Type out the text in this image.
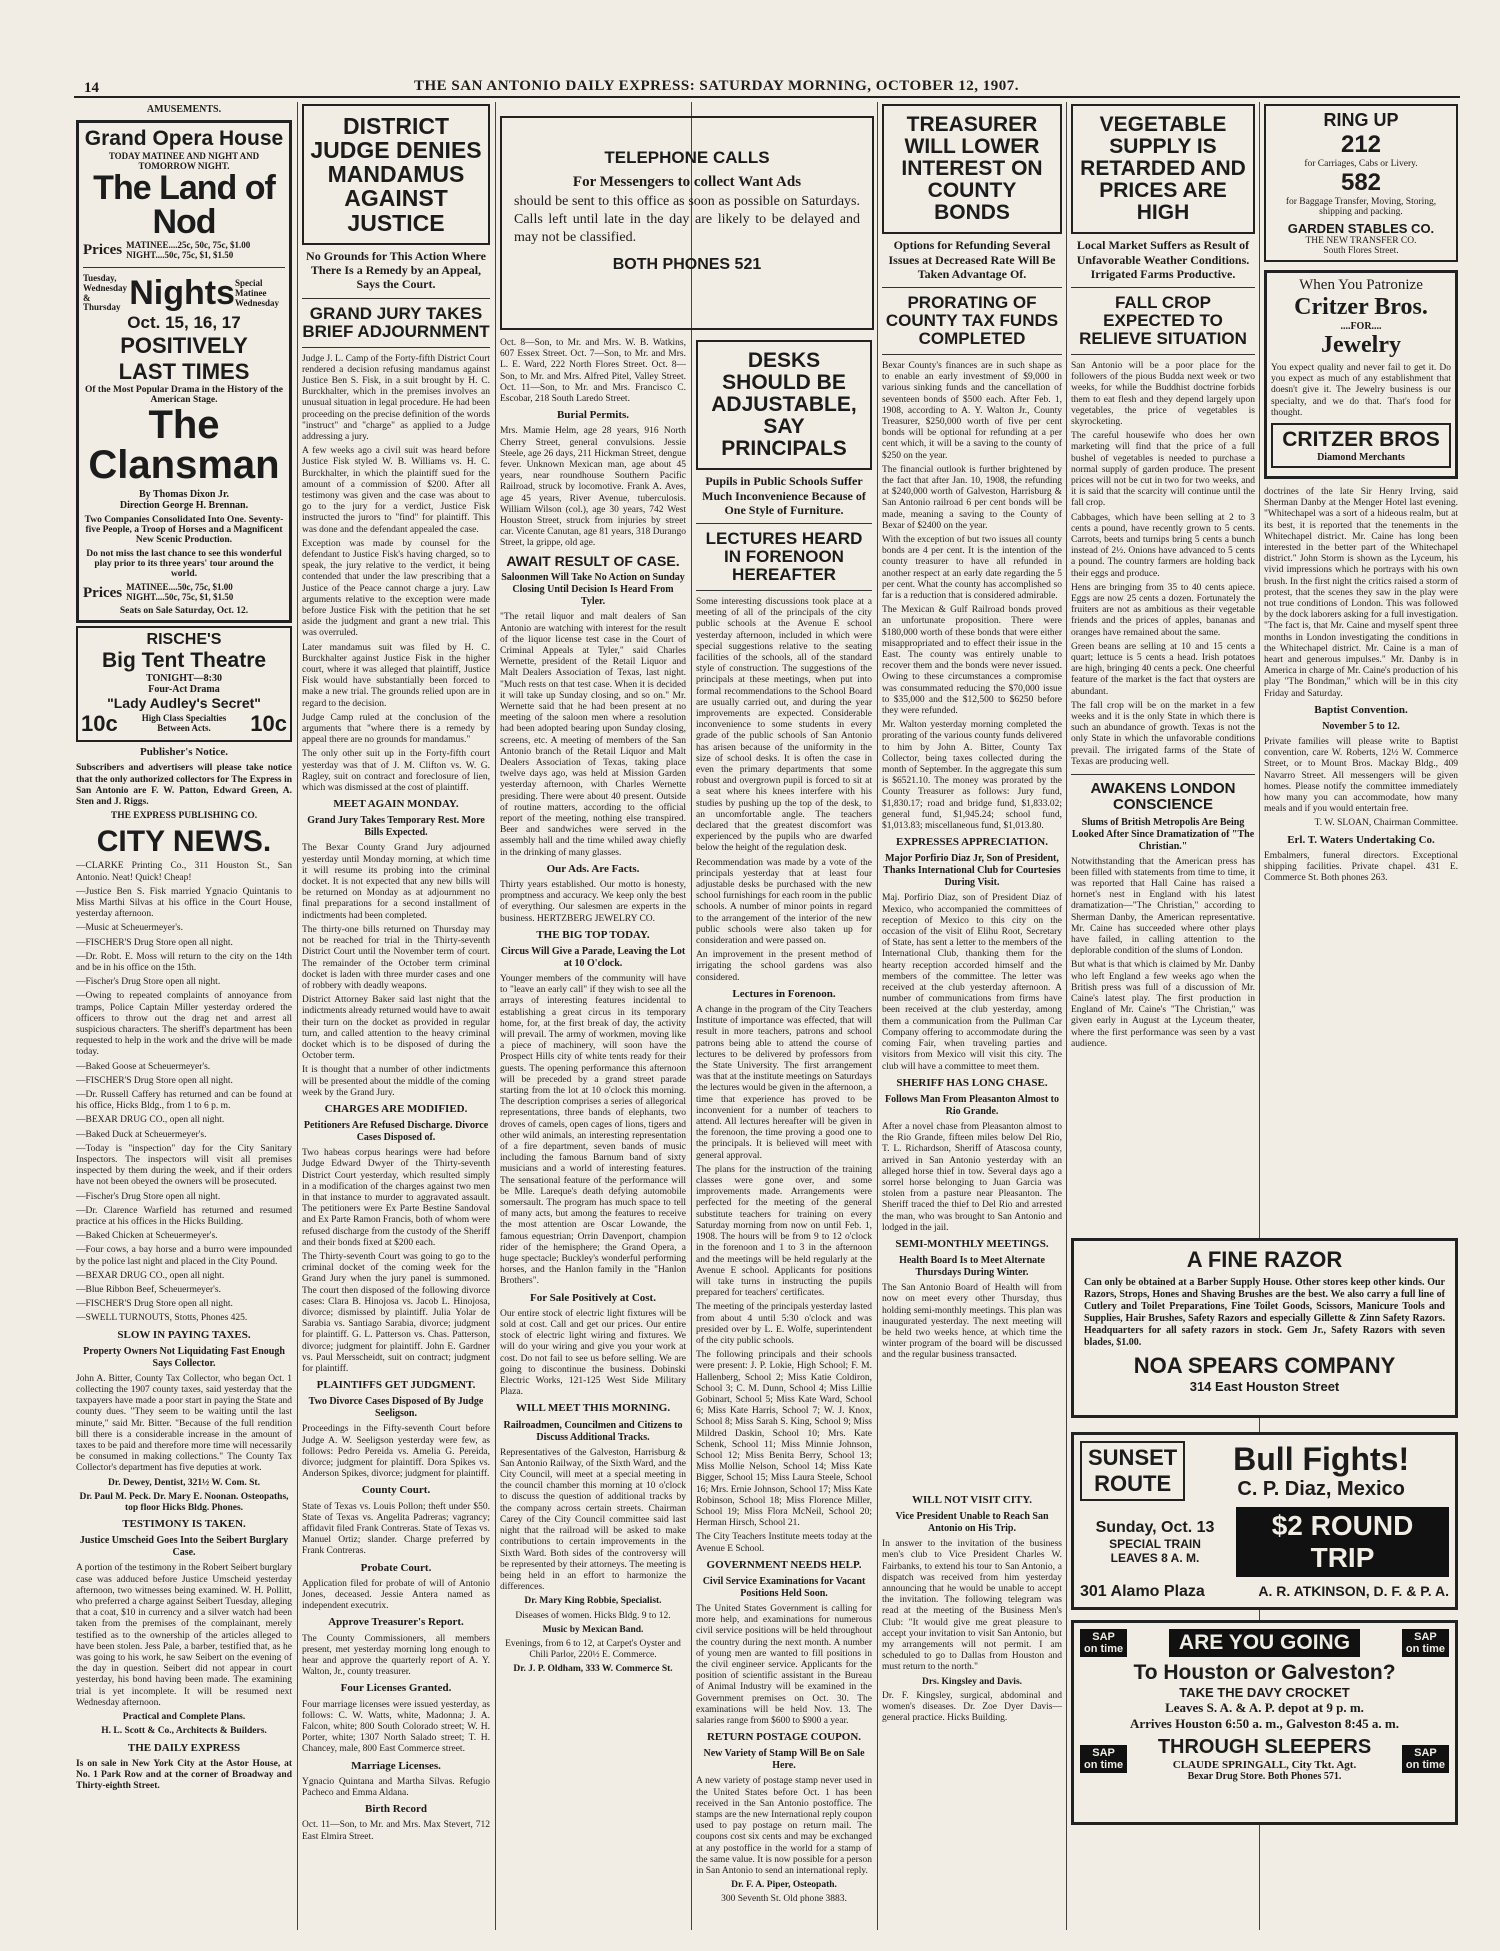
14	THE SAN ANTONIO DAILY EXPRESS: SATURDAY MORNING, OCTOBER 12, 1907.
AMUSEMENTS.
Grand Opera House
TODAY MATINEE AND NIGHT AND TOMORROW NIGHT.
The Land of Nod
Prices MATINEE....25c, 50c, 75c, $1.00
NIGHT....50c, 75c, $1, $1.50
Tuesday, Wednesday & Thursday Nights Special Matinee Wednesday
Oct. 15, 16, 17
POSITIVELY
LAST TIMES
Of the Most Popular Drama in the History of the American Stage.
The
Clansman
By Thomas Dixon Jr.
Direction George H. Brennan.
Two Companies Consolidated Into One. Seventy-five People, a Troop of Horses and a Magnificent New Scenic Production.
Do not miss the last chance to see this wonderful play prior to its three years' tour around the world.
Prices MATINEE....50c, 75c, $1.00
NIGHT....50c, 75c, $1, $1.50
Seats on Sale Saturday, Oct. 12.
RISCHE'S
Big Tent Theatre
TONIGHT—8:30
Four-Act Drama
"Lady Audley's Secret"
10c	High Class Specialties Between Acts.	10c
Publisher's Notice.

Subscribers and advertisers will please take notice that the only authorized collectors for The Express in San Antonio are F. W. Patton, Edward Green, A. Sten and J. Riggs.

THE EXPRESS PUBLISHING CO.

CITY NEWS.

—CLARKE Printing Co., 311 Houston St., San Antonio. Neat! Quick! Cheap!

—Justice Ben S. Fisk married Ygnacio Quintanis to Miss Marthi Silvas at his office in the Court House, yesterday afternoon.

—Music at Scheuermeyer's.

—FISCHER'S Drug Store open all night.

—Dr. Robt. E. Moss will return to the city on the 14th and be in his office on the 15th.

—Fischer's Drug Store open all night.

—Owing to repeated complaints of annoyance from tramps, Police Captain Miller yesterday ordered the officers to throw out the drag net and arrest all suspicious characters. The sheriff's department has been requested to help in the work and the drive will be made today.

—Baked Goose at Scheuermeyer's.

—FISCHER'S Drug Store open all night.

—Dr. Russell Caffery has returned and can be found at his office, Hicks Bldg., from 1 to 6 p. m.

—BEXAR DRUG CO., open all night.

—Baked Duck at Scheuermeyer's.

—Today is "inspection" day for the City Sanitary Inspectors. The inspectors will visit all premises inspected by them during the week, and if their orders have not been obeyed the owners will be prosecuted.

—Fischer's Drug Store open all night.

—Dr. Clarence Warfield has returned and resumed practice at his offices in the Hicks Building.

—Baked Chicken at Scheuermeyer's.

—Four cows, a bay horse and a burro were impounded by the police last night and placed in the City Pound.

—BEXAR DRUG CO., open all night.

—Blue Ribbon Beef, Scheuermeyer's.

—FISCHER'S Drug Store open all night.

—SWELL TURNOUTS, Stotts, Phones 425.

SLOW IN PAYING TAXES.
Property Owners Not Liquidating Fast Enough Says Collector.

John A. Bitter, County Tax Collector, who began Oct. 1 collecting the 1907 county taxes, said yesterday that the taxpayers have made a poor start in paying the State and county dues. "They seem to be waiting until the last minute," said Mr. Bitter. "Because of the full rendition bill there is a considerable increase in the amount of taxes to be paid and therefore more time will necessarily be consumed in making collections." The County Tax Collector's department has five deputies at work.

Dr. Dewey, Dentist, 321½ W. Com. St.

Dr. Paul M. Peck. Dr. Mary E. Noonan. Osteopaths, top floor Hicks Bldg. Phones.

TESTIMONY IS TAKEN.
Justice Umscheid Goes Into the Seibert Burglary Case.

A portion of the testimony in the Robert Seibert burglary case was adduced before Justice Umscheid yesterday afternoon, two witnesses being examined. W. H. Pollitt, who preferred a charge against Seibert Tuesday, alleging that a coat, $10 in currency and a silver watch had been taken from the premises of the complainant, merely testified as to the ownership of the articles alleged to have been stolen. Jess Pale, a barber, testified that, as he was going to his work, he saw Seibert on the evening of the day in question. Seibert did not appear in court yesterday, his bond having been made. The examining trial is yet incomplete. It will be resumed next Wednesday afternoon.

Practical and Complete Plans.

H. L. Scott & Co., Architects & Builders.

THE DAILY EXPRESS

Is on sale in New York City at the Astor House, at No. 1 Park Row and at the corner of Broadway and Thirty-eighth Street.

DISTRICT JUDGE DENIES MANDAMUS AGAINST JUSTICE
No Grounds for This Action Where There Is a Remedy by an Appeal, Says the Court.
GRAND JURY TAKES BRIEF ADJOURNMENT

Judge J. L. Camp of the Forty-fifth District Court rendered a decision refusing mandamus against Justice Ben S. Fisk, in a suit brought by H. C. Burckhalter, which in the premises involves an unusual situation in legal procedure. He had been proceeding on the precise definition of the words "instruct" and "charge" as applied to a Judge addressing a jury.

A few weeks ago a civil suit was heard before Justice Fisk styled W. B. Williams vs. H. C. Burckhalter, in which the plaintiff sued for the amount of a commission of $200. After all testimony was given and the case was about to go to the jury for a verdict, Justice Fisk instructed the jurors to "find" for plaintiff. This was done and the defendant appealed the case.

Exception was made by counsel for the defendant to Justice Fisk's having charged, so to speak, the jury relative to the verdict, it being contended that under the law prescribing that a Justice of the Peace cannot charge a jury. Law arguments relative to the exception were made before Justice Fisk with the petition that he set aside the judgment and grant a new trial. This was overruled.

Later mandamus suit was filed by H. C. Burckhalter against Justice Fisk in the higher court, where it was alleged that plaintiff, Justice Fisk would have substantially been forced to make a new trial. The grounds relied upon are in regard to the decision.

Judge Camp ruled at the conclusion of the arguments that "where there is a remedy by appeal there are no grounds for mandamus."

The only other suit up in the Forty-fifth court yesterday was that of J. M. Clifton vs. W. G. Ragley, suit on contract and foreclosure of lien, which was dismissed at the cost of plaintiff.

MEET AGAIN MONDAY.
Grand Jury Takes Temporary Rest. More Bills Expected.

The Bexar County Grand Jury adjourned yesterday until Monday morning, at which time it will resume its probing into the criminal docket. It is not expected that any new bills will be returned on Monday as at adjournment no final preparations for a second installment of indictments had been completed.

The thirty-one bills returned on Thursday may not be reached for trial in the Thirty-seventh District Court until the November term of court. The remainder of the October term criminal docket is laden with three murder cases and one of robbery with deadly weapons.

District Attorney Baker said last night that the indictments already returned would have to await their turn on the docket as provided in regular turn, and called attention to the heavy criminal docket which is to be disposed of during the October term.

It is thought that a number of other indictments will be presented about the middle of the coming week by the Grand Jury.

CHARGES ARE MODIFIED.
Petitioners Are Refused Discharge. Divorce Cases Disposed of.

Two habeas corpus hearings were had before Judge Edward Dwyer of the Thirty-seventh District Court yesterday, which resulted simply in a modification of the charges against two men in that instance to murder to aggravated assault. The petitioners were Ex Parte Bestine Sandoval and Ex Parte Ramon Francis, both of whom were refused discharge from the custody of the Sheriff and their bonds fixed at $200 each.

The Thirty-seventh Court was going to go to the criminal docket of the coming week for the Grand Jury when the jury panel is summoned. The court then disposed of the following divorce cases: Clara B. Hinojosa vs. Jacob L. Hinojosa, divorce; dismissed by plaintiff. Julia Yolar de Sarabia vs. Santiago Sarabia, divorce; judgment for plaintiff. G. L. Patterson vs. Chas. Patterson, divorce; judgment for plaintiff. John E. Gardner vs. Paul Mersscheidt, suit on contract; judgment for plaintiff.

PLAINTIFFS GET JUDGMENT.
Two Divorce Cases Disposed of By Judge Seeligson.

Proceedings in the Fifty-seventh Court before Judge A. W. Seeligson yesterday were few, as follows: Pedro Pereida vs. Amelia G. Pereida, divorce; judgment for plaintiff. Dora Spikes vs. Anderson Spikes, divorce; judgment for plaintiff.

County Court.

State of Texas vs. Louis Pollon; theft under $50. State of Texas vs. Angelita Padreras; vagrancy; affidavit filed Frank Contreras. State of Texas vs. Manuel Ortiz; slander. Charge preferred by Frank Contreras.

Probate Court.

Application filed for probate of will of Antonio Jones, deceased. Jessie Antera named as independent executrix.

Approve Treasurer's Report.

The County Commissioners, all members present, met yesterday morning long enough to hear and approve the quarterly report of A. Y. Walton, Jr., county treasurer.

Four Licenses Granted.

Four marriage licenses were issued yesterday, as follows: C. W. Watts, white, Madonna; J. A. Falcon, white; 800 South Colorado street; W. H. Porter, white; 1307 North Salado street; T. H. Chancey, male, 800 East Commerce street.

Marriage Licenses.

Ygnacio Quintana and Martha Silvas. Refugio Pacheco and Emma Aldana.

Birth Record

Oct. 11—Son, to Mr. and Mrs. Max Stevert, 712 East Elmira Street.

TELEPHONE CALLS
For Messengers to collect Want Ads
should be sent to this office as soon as possible on Saturdays. Calls left until late in the day are likely to be delayed and may not be classified.
BOTH PHONES 521

Oct. 8—Son, to Mr. and Mrs. W. B. Watkins, 607 Essex Street. Oct. 7—Son, to Mr. and Mrs. L. E. Ward, 222 North Flores Street. Oct. 8—Son, to Mr. and Mrs. Alfred Pitel, Valley Street. Oct. 11—Son, to Mr. and Mrs. Francisco C. Escobar, 218 South Laredo Street.

Burial Permits.

Mrs. Mamie Helm, age 28 years, 916 North Cherry Street, general convulsions. Jessie Steele, age 26 days, 211 Hickman Street, dengue fever. Unknown Mexican man, age about 45 years, near roundhouse Southern Pacific Railroad, struck by locomotive. Frank A. Aves, age 45 years, River Avenue, tuberculosis. William Wilson (col.), age 30 years, 742 West Houston Street, struck from injuries by street car. Vicente Canutan, age 81 years, 318 Durango Street, la grippe, old age.

AWAIT RESULT OF CASE.
Saloonmen Will Take No Action on Sunday Closing Until Decision Is Heard From Tyler.

"The retail liquor and malt dealers of San Antonio are watching with interest for the result of the liquor license test case in the Court of Criminal Appeals at Tyler," said Charles Wernette, president of the Retail Liquor and Malt Dealers Association of Texas, last night. "Much rests on that test case. When it is decided it will take up Sunday closing, and so on." Mr. Wernette said that he had been present at no meeting of the saloon men where a resolution had been adopted bearing upon Sunday closing, screens, etc. A meeting of members of the San Antonio branch of the Retail Liquor and Malt Dealers Association of Texas, taking place twelve days ago, was held at Mission Garden yesterday afternoon, with Charles Wernette presiding. There were about 40 present. Outside of routine matters, according to the official report of the meeting, nothing else transpired. Beer and sandwiches were served in the assembly hall and the time whiled away chiefly in the drinking of many glasses.

Our Ads. Are Facts.

Thirty years established. Our motto is honesty, promptness and accuracy. We keep only the best of everything. Our salesmen are experts in the business. HERTZBERG JEWELRY CO.

THE BIG TOP TODAY.
Circus Will Give a Parade, Leaving the Lot at 10 O'clock.

Younger members of the community will have to "leave an early call" if they wish to see all the arrays of interesting features incidental to establishing a great circus in its temporary home, for, at the first break of day, the activity will prevail. The army of workmen, moving like a piece of machinery, will soon have the Prospect Hills city of white tents ready for their guests. The opening performance this afternoon will be preceded by a grand street parade starting from the lot at 10 o'clock this morning. The description comprises a series of allegorical representations, three bands of elephants, two droves of camels, open cages of lions, tigers and other wild animals, an interesting representation of a fire department, seven bands of music including the famous Barnum band of sixty musicians and a world of interesting features. The sensational feature of the performance will be Mlle. Lareque's death defying automobile somersault. The program has much space to tell of many acts, but among the features to receive the most attention are Oscar Lowande, the famous equestrian; Orrin Davenport, champion rider of the hemisphere; the Grand Opera, a huge spectacle; Buckley's wonderful performing horses, and the Hanlon family in the "Hanlon Brothers".

For Sale Positively at Cost.

Our entire stock of electric light fixtures will be sold at cost. Call and get our prices. Our entire stock of electric light wiring and fixtures. We will do your wiring and give you your work at cost. Do not fail to see us before selling. We are going to discontinue the business. Dobinski Electric Works, 121-125 West Side Military Plaza.

WILL MEET THIS MORNING.
Railroadmen, Councilmen and Citizens to Discuss Additional Tracks.

Representatives of the Galveston, Harrisburg & San Antonio Railway, of the Sixth Ward, and the City Council, will meet at a special meeting in the council chamber this morning at 10 o'clock to discuss the question of additional tracks by the company across certain streets. Chairman Carey of the City Council committee said last night that the railroad will be asked to make contributions to certain improvements in the Sixth Ward. Both sides of the controversy will be represented by their attorneys. The meeting is being held in an effort to harmonize the differences.

Dr. Mary King Robbie, Specialist.

Diseases of women. Hicks Bldg. 9 to 12.

Music by Mexican Band.

Evenings, from 6 to 12, at Carpet's Oyster and Chili Parlor, 220½ E. Commerce.

Dr. J. P. Oldham, 333 W. Commerce St.

DESKS SHOULD BE ADJUSTABLE, SAY PRINCIPALS
Pupils in Public Schools Suffer Much Inconvenience Because of One Style of Furniture.
LECTURES HEARD IN FORENOON HEREAFTER

Some interesting discussions took place at a meeting of all of the principals of the city public schools at the Avenue E school yesterday afternoon, included in which were special suggestions relative to the seating facilities of the schools, all of the standard style of construction. The suggestions of the principals at these meetings, when put into formal recommendations to the School Board are usually carried out, and during the year improvements are expected. Considerable inconvenience to some students in every grade of the public schools of San Antonio has arisen because of the uniformity in the size of school desks. It is often the case in even the primary departments that some robust and overgrown pupil is forced to sit at a seat where his knees interfere with his studies by pushing up the top of the desk, to an uncomfortable angle. The teachers declared that the greatest discomfort was experienced by the pupils who are dwarfed below the height of the regulation desk.

Recommendation was made by a vote of the principals yesterday that at least four adjustable desks be purchased with the new school furnishings for each room in the public schools. A number of minor points in regard to the arrangement of the interior of the new public schools were also taken up for consideration and were passed on.

An improvement in the present method of irrigating the school gardens was also considered.

Lectures in Forenoon.

A change in the program of the City Teachers Institute of importance was effected, that will result in more teachers, patrons and school patrons being able to attend the course of lectures to be delivered by professors from the State University. The first arrangement was that at the institute meetings on Saturdays the lectures would be given in the afternoon, a time that experience has proved to be inconvenient for a number of teachers to attend. All lectures hereafter will be given in the forenoon, the time proving a good one to the principals. It is believed will meet with general approval.

The plans for the instruction of the training classes were gone over, and some improvements made. Arrangements were perfected for the meeting of the general substitute teachers for training on every Saturday morning from now on until Feb. 1, 1908. The hours will be from 9 to 12 o'clock in the forenoon and 1 to 3 in the afternoon and the meetings will be held regularly at the Avenue E school. Applicants for positions will take turns in instructing the pupils prepared for teachers' certificates.

The meeting of the principals yesterday lasted from about 4 until 5:30 o'clock and was presided over by L. E. Wolfe, superintendent of the city public schools.

The following principals and their schools were present: J. P. Lokie, High School; F. M. Hallenberg, School 2; Miss Katie Coldiron, School 3; C. M. Dunn, School 4; Miss Lillie Gobinart, School 5; Miss Kate Ward, School 6; Miss Kate Harris, School 7; W. J. Knox, School 8; Miss Sarah S. King, School 9; Miss Mildred Daskin, School 10; Mrs. Kate Schenk, School 11; Miss Minnie Johnson, School 12; Miss Benita Berry, School 13; Miss Mollie Nelson, School 14; Miss Kate Bigger, School 15; Miss Laura Steele, School 16; Mrs. Ernie Johnson, School 17; Miss Kate Robinson, School 18; Miss Florence Miller, School 19; Miss Flora McNeil, School 20; Herman Hirsch, School 21.

The City Teachers Institute meets today at the Avenue E School.

GOVERNMENT NEEDS HELP.
Civil Service Examinations for Vacant Positions Held Soon.

The United States Government is calling for more help, and examinations for numerous civil service positions will be held throughout the country during the next month. A number of young men are wanted to fill positions in the civil engineer service. Applicants for the position of scientific assistant in the Bureau of Animal Industry will be examined in the Government premises on Oct. 30. The examinations will be held Nov. 13. The salaries range from $600 to $900 a year.

RETURN POSTAGE COUPON.
New Variety of Stamp Will Be on Sale Here.

A new variety of postage stamp never used in the United States before Oct. 1 has been received in the San Antonio postoffice. The stamps are the new International reply coupon used to pay postage on return mail. The coupons cost six cents and may be exchanged at any postoffice in the world for a stamp of the same value. It is now possible for a person in San Antonio to send an international reply.

Dr. F. A. Piper, Osteopath.

300 Seventh St. Old phone 3883.

TREASURER WILL LOWER INTEREST ON COUNTY BONDS
Options for Refunding Several Issues at Decreased Rate Will Be Taken Advantage Of.
PRORATING OF COUNTY TAX FUNDS COMPLETED

Bexar County's finances are in such shape as to enable an early investment of $9,000 in various sinking funds and the cancellation of seventeen bonds of $500 each. After Feb. 1, 1908, according to A. Y. Walton Jr., County Treasurer, $250,000 worth of five per cent bonds will be optional for refunding at a per cent which, it will be a saving to the county of $250 on the year.

The financial outlook is further brightened by the fact that after Jan. 10, 1908, the refunding at $240,000 worth of Galveston, Harrisburg & San Antonio railroad 6 per cent bonds will be made, meaning a saving to the County of Bexar of $2400 on the year.

With the exception of but two issues all county bonds are 4 per cent. It is the intention of the county treasurer to have all refunded in another respect at an early date regarding the 5 per cent. What the county has accomplished so far is a reduction that is considered admirable.

The Mexican & Gulf Railroad bonds proved an unfortunate proposition. There were $180,000 worth of these bonds that were either misappropriated and to effect their issue in the East. The county was entirely unable to recover them and the bonds were never issued. Owing to these circumstances a compromise was consummated reducing the $70,000 issue to $35,000 and the $12,500 to $6250 before they were refunded.

Mr. Walton yesterday morning completed the prorating of the various county funds delivered to him by John A. Bitter, County Tax Collector, being taxes collected during the month of September. In the aggregate this sum is $6521.10. The money was prorated by the County Treasurer as follows: Jury fund, $1,830.17; road and bridge fund, $1,833.02; general fund, $1,945.24; school fund, $1,013.83; miscellaneous fund, $1,013.80.

EXPRESSES APPRECIATION.
Major Porfirio Diaz Jr, Son of President, Thanks International Club for Courtesies During Visit.

Maj. Porfirio Diaz, son of President Diaz of Mexico, who accompanied the committees of reception of Mexico to this city on the occasion of the visit of Elihu Root, Secretary of State, has sent a letter to the members of the International Club, thanking them for the hearty reception accorded himself and the members of the committee. The letter was received at the club yesterday afternoon. A number of communications from firms have been received at the club yesterday, among them a communication from the Pullman Car Company offering to accommodate during the coming Fair, when traveling parties and visitors from Mexico will visit this city. The club will have a committee to meet them.

SHERIFF HAS LONG CHASE.
Follows Man From Pleasanton Almost to Rio Grande.

After a novel chase from Pleasanton almost to the Rio Grande, fifteen miles below Del Rio, T. L. Richardson, Sheriff of Atascosa county, arrived in San Antonio yesterday with an alleged horse thief in tow. Several days ago a sorrel horse belonging to Juan Garcia was stolen from a pasture near Pleasanton. The Sheriff traced the thief to Del Rio and arrested the man, who was brought to San Antonio and lodged in the jail.

SEMI-MONTHLY MEETINGS.
Health Board Is to Meet Alternate Thursdays During Winter.

The San Antonio Board of Health will from now on meet every other Thursday, thus holding semi-monthly meetings. This plan was inaugurated yesterday. The next meeting will be held two weeks hence, at which time the winter program of the board will be discussed and the regular business transacted.

WILL NOT VISIT CITY.
Vice President Unable to Reach San Antonio on His Trip.

In answer to the invitation of the business men's club to Vice President Charles W. Fairbanks, to extend his tour to San Antonio, a dispatch was received from him yesterday announcing that he would be unable to accept the invitation. The following telegram was read at the meeting of the Business Men's Club: "It would give me great pleasure to accept your invitation to visit San Antonio, but my arrangements will not permit. I am scheduled to go to Dallas from Houston and must return to the north."

Drs. Kingsley and Davis.

Dr. F. Kingsley, surgical, abdominal and women's diseases. Dr. Zoe Dyer Davis—general practice. Hicks Building.

VEGETABLE SUPPLY IS RETARDED AND PRICES ARE HIGH
Local Market Suffers as Result of Unfavorable Weather Conditions. Irrigated Farms Productive.
FALL CROP EXPECTED TO RELIEVE SITUATION

San Antonio will be a poor place for the followers of the pious Budda next week or two weeks, for while the Buddhist doctrine forbids them to eat flesh and they depend largely upon vegetables, the price of vegetables is skyrocketing.

The careful housewife who does her own marketing will find that the price of a full bushel of vegetables is needed to purchase a normal supply of garden produce. The present prices will not be cut in two for two weeks, and it is said that the scarcity will continue until the fall crop.

Cabbages, which have been selling at 2 to 3 cents a pound, have recently grown to 5 cents. Carrots, beets and turnips bring 5 cents a bunch instead of 2½. Onions have advanced to 5 cents a pound. The country farmers are holding back their eggs and produce.

Hens are bringing from 35 to 40 cents apiece. Eggs are now 25 cents a dozen. Fortunately the fruiters are not as ambitious as their vegetable friends and the prices of apples, bananas and oranges have remained about the same.

Green beans are selling at 10 and 15 cents a quart; lettuce is 5 cents a head. Irish potatoes are high, bringing 40 cents a peck. One cheerful feature of the market is the fact that oysters are abundant.

The fall crop will be on the market in a few weeks and it is the only State in which there is such an abundance of growth. Texas is not the only State in which the unfavorable conditions prevail. The irrigated farms of the State of Texas are producing well.

AWAKENS LONDON CONSCIENCE
Slums of British Metropolis Are Being Looked After Since Dramatization of "The Christian."

Notwithstanding that the American press has been filled with statements from time to time, it was reported that Hall Caine has raised a hornet's nest in England with his latest dramatization—"The Christian," according to Sherman Danby, the American representative. Mr. Caine has succeeded where other plays have failed, in calling attention to the deplorable condition of the slums of London.

But what is that which is claimed by Mr. Danby who left England a few weeks ago when the British press was full of a discussion of Mr. Caine's latest play. The first production in England of Mr. Caine's "The Christian," was given early in August at the Lyceum theater, where the first performance was seen by a vast audience.

RING UP
212
for Carriages, Cabs or Livery.
582
for Baggage Transfer, Moving, Storing, shipping and packing.
GARDEN STABLES CO.
THE NEW TRANSFER CO.
South Flores Street.
When You Patronize
Critzer Bros.
....FOR....
Jewelry

You expect quality and never fail to get it. Do you expect as much of any establishment that doesn't give it. The Jewelry business is our specialty, and we do that. That's food for thought.

CRITZER BROS
Diamond Merchants

doctrines of the late Sir Henry Irving, said Sherman Danby at the Menger Hotel last evening. "Whitechapel was a sort of a hideous realm, but at its best, it is reported that the tenements in the Whitechapel district. Mr. Caine has long been interested in the better part of the Whitechapel district." John Storm is shown as the Lyceum, his vivid impressions which he portrays with his own brush. In the first night the critics raised a storm of protest, that the scenes they saw in the play were not true conditions of London. This was followed by the dock laborers asking for a full investigation. "The fact is, that Mr. Caine and myself spent three months in London investigating the conditions in the Whitechapel district. Mr. Caine is a man of heart and generous impulses." Mr. Danby is in America in charge of Mr. Caine's production of his play "The Bondman," which will be in this city Friday and Saturday.

Baptist Convention.
November 5 to 12.

Private families will please write to Baptist convention, care W. Roberts, 12½ W. Commerce Street, or to Mount Bros. Mackay Bldg., 409 Navarro Street. All messengers will be given homes. Please notify the committee immediately how many you can accommodate, how many meals and if you would entertain free.

T. W. SLOAN, Chairman Committee.

Erl. T. Waters Undertaking Co.

Embalmers, funeral directors. Exceptional shipping facilities. Private chapel. 431 E. Commerce St. Both phones 263.

A FINE RAZOR
Can only be obtained at a Barber Supply House. Other stores keep other kinds. Our Razors, Strops, Hones and Shaving Brushes are the best. We also carry a full line of Cutlery and Toilet Preparations, Fine Toilet Goods, Scissors, Manicure Tools and Supplies, Hair Brushes, Safety Razors and especially Gillette & Zinn Safety Razors. Headquarters for all safety razors in stock. Gem Jr., Safety Razors with seven blades, $1.00.
NOA SPEARS COMPANY
314 East Houston Street
SUNSET
ROUTE
Bull Fights!
C. P. Diaz, Mexico
Sunday, Oct. 13
SPECIAL TRAIN
LEAVES 8 A. M.
$2 ROUND TRIP
301 Alamo Plaza	A. R. ATKINSON, D. F. & P. A.
SAP
on time	ARE YOU GOING	SAP
on time
To Houston or Galveston?
TAKE THE DAVY CROCKET
Leaves S. A. & A. P. depot at 9 p. m.
Arrives Houston 6:50 a. m., Galveston 8:45 a. m.
SAP
on time
THROUGH SLEEPERS
CLAUDE SPRINGALL, City Tkt. Agt.
Bexar Drug Store. Both Phones 571.
SAP
on time
